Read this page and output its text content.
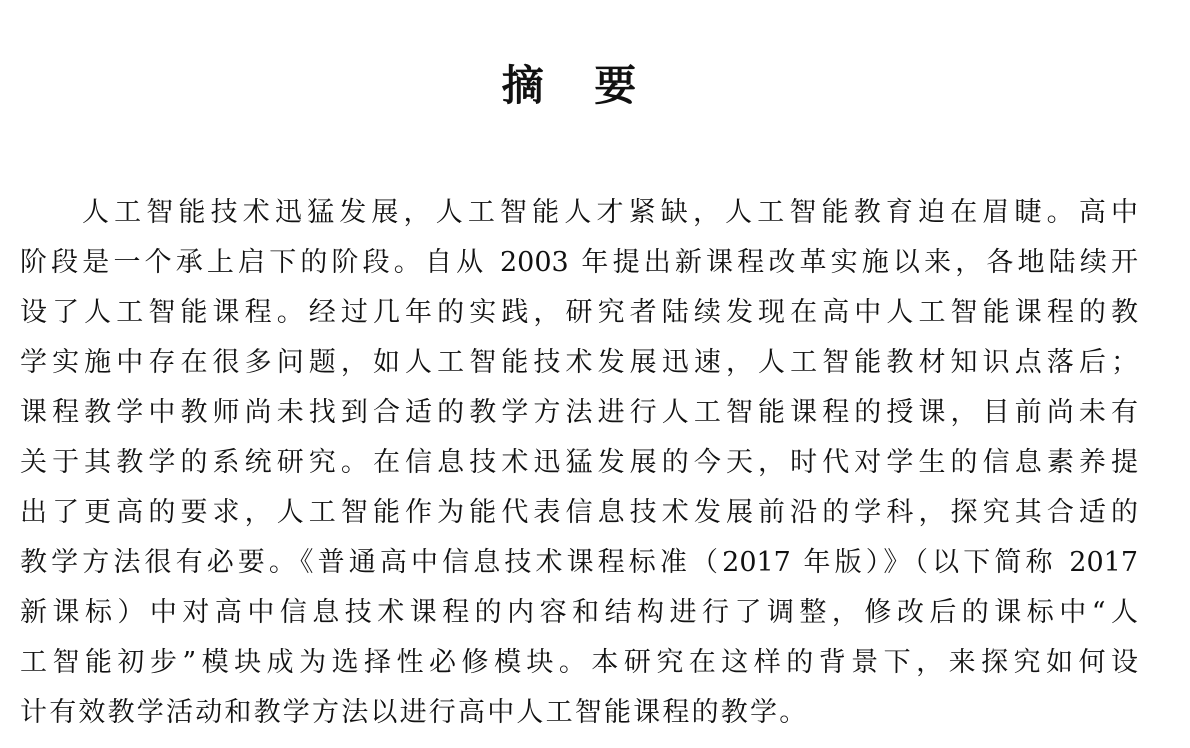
摘 要
人工智能技术迅猛发展，人工智能人才紧缺，人工智能教育迫在眉睫。高中
阶段是一个承上启下的阶段。自从 2003 年提出新课程改革实施以来，各地陆续开
设了人工智能课程。经过几年的实践，研究者陆续发现在高中人工智能课程的教
学实施中存在很多问题，如人工智能技术发展迅速，人工智能教材知识点落后；
课程教学中教师尚未找到合适的教学方法进行人工智能课程的授课，目前尚未有
关于其教学的系统研究。在信息技术迅猛发展的今天，时代对学生的信息素养提
出了更高的要求，人工智能作为能代表信息技术发展前沿的学科，探究其合适的
教学方法很有必要。《普通高中信息技术课程标准（2017 年版）》（以下简称 2017
新课标）中对高中信息技术课程的内容和结构进行了调整，修改后的课标中“人
工智能初步”模块成为选择性必修模块。本研究在这样的背景下，来探究如何设
计有效教学活动和教学方法以进行高中人工智能课程的教学。
